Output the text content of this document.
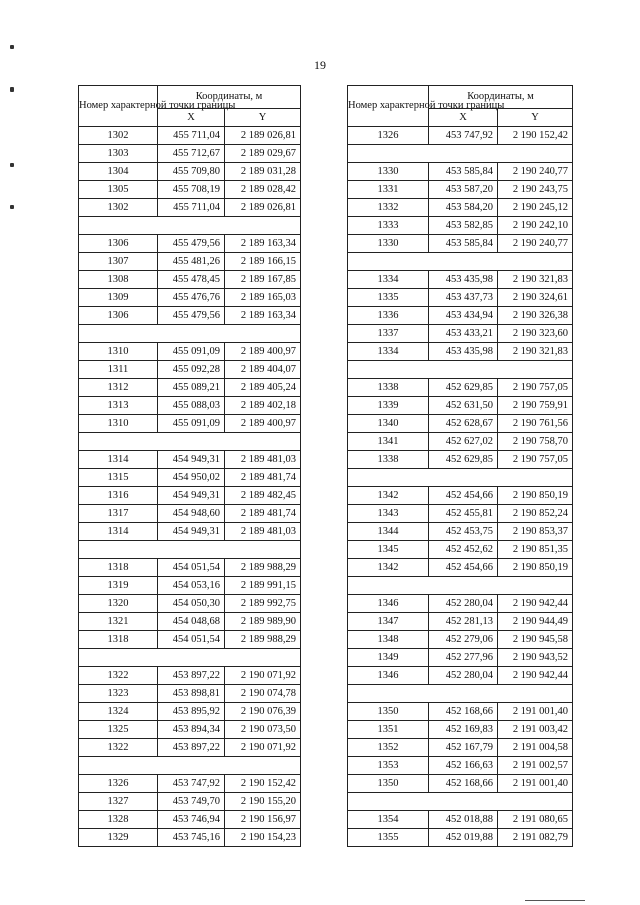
19
Номер характерной точки границы	Координаты, м	
	X	Y
1302	455 711,04	2 189 026,81
1303	455 712,67	2 189 029,67
1304	455 709,80	2 189 031,28
1305	455 708,19	2 189 028,42
1302	455 711,04	2 189 026,81

1306	455 479,56	2 189 163,34
1307	455 481,26	2 189 166,15
1308	455 478,45	2 189 167,85
1309	455 476,76	2 189 165,03
1306	455 479,56	2 189 163,34

1310	455 091,09	2 189 400,97
1311	455 092,28	2 189 404,07
1312	455 089,21	2 189 405,24
1313	455 088,03	2 189 402,18
1310	455 091,09	2 189 400,97

1314	454 949,31	2 189 481,03
1315	454 950,02	2 189 481,74
1316	454 949,31	2 189 482,45
1317	454 948,60	2 189 481,74
1314	454 949,31	2 189 481,03

1318	454 051,54	2 189 988,29
1319	454 053,16	2 189 991,15
1320	454 050,30	2 189 992,75
1321	454 048,68	2 189 989,90
1318	454 051,54	2 189 988,29

1322	453 897,22	2 190 071,92
1323	453 898,81	2 190 074,78
1324	453 895,92	2 190 076,39
1325	453 894,34	2 190 073,50
1322	453 897,22	2 190 071,92

1326	453 747,92	2 190 152,42
1327	453 749,70	2 190 155,20
1328	453 746,94	2 190 156,97
1329	453 745,16	2 190 154,23
Номер характерной точки границы	Координаты, м	
	X	Y
1326	453 747,92	2 190 152,42

1330	453 585,84	2 190 240,77
1331	453 587,20	2 190 243,75
1332	453 584,20	2 190 245,12
1333	453 582,85	2 190 242,10
1330	453 585,84	2 190 240,77

1334	453 435,98	2 190 321,83
1335	453 437,73	2 190 324,61
1336	453 434,94	2 190 326,38
1337	453 433,21	2 190 323,60
1334	453 435,98	2 190 321,83

1338	452 629,85	2 190 757,05
1339	452 631,50	2 190 759,91
1340	452 628,67	2 190 761,56
1341	452 627,02	2 190 758,70
1338	452 629,85	2 190 757,05

1342	452 454,66	2 190 850,19
1343	452 455,81	2 190 852,24
1344	452 453,75	2 190 853,37
1345	452 452,62	2 190 851,35
1342	452 454,66	2 190 850,19

1346	452 280,04	2 190 942,44
1347	452 281,13	2 190 944,49
1348	452 279,06	2 190 945,58
1349	452 277,96	2 190 943,52
1346	452 280,04	2 190 942,44

1350	452 168,66	2 191 001,40
1351	452 169,83	2 191 003,42
1352	452 167,79	2 191 004,58
1353	452 166,63	2 191 002,57
1350	452 168,66	2 191 001,40

1354	452 018,88	2 191 080,65
1355	452 019,88	2 191 082,79
